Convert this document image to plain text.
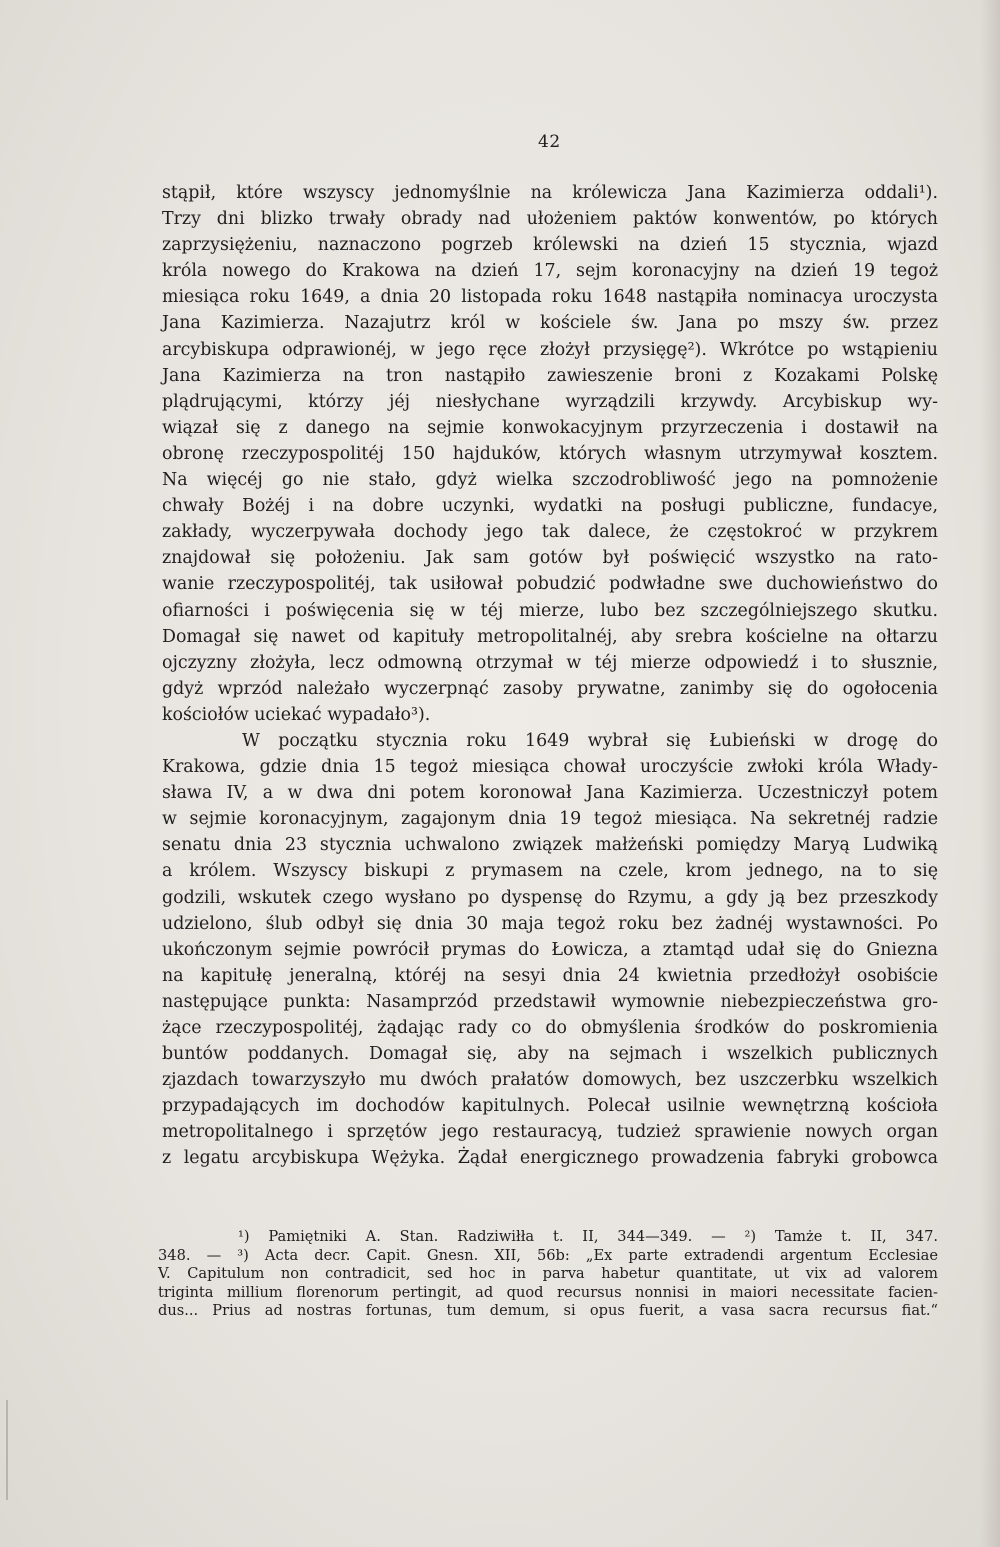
42

stąpił, które wszyscy jednomyślnie na królewicza Jana Kazimierza oddali¹).
Trzy dni blizko trwały obrady nad ułożeniem paktów konwentów, po których
zaprzysiężeniu, naznaczono pogrzeb królewski na dzień 15 stycznia, wjazd
króla nowego do Krakowa na dzień 17, sejm koronacyjny na dzień 19 tegoż
miesiąca roku 1649, a dnia 20 listopada roku 1648 nastąpiła nominacya uroczysta
Jana Kazimierza. Nazajutrz król w kościele św. Jana po mszy św. przez
arcybiskupa odprawionéj, w jego ręce złożył przysięgę²). Wkrótce po wstąpieniu
Jana Kazimierza na tron nastąpiło zawieszenie broni z Kozakami Polskę
plądrującymi, którzy jéj niesłychane wyrządzili krzywdy. Arcybiskup wy-
wiązał się z danego na sejmie konwokacyjnym przyrzeczenia i dostawił na
obronę rzeczypospolitéj 150 hajduków, których własnym utrzymywał kosztem.
Na więcéj go nie stało, gdyż wielka szczodrobliwość jego na pomnożenie
chwały Bożéj i na dobre uczynki, wydatki na posługi publiczne, fundacye,
zakłady, wyczerpywała dochody jego tak dalece, że częstokroć w przykrem
znajdował się położeniu. Jak sam gotów był poświęcić wszystko na rato-
wanie rzeczypospolitéj, tak usiłował pobudzić podwładne swe duchowieństwo do
ofiarności i poświęcenia się w téj mierze, lubo bez szczególniejszego skutku.
Domagał się nawet od kapituły metropolitalnéj, aby srebra kościelne na ołtarzu
ojczyzny złożyła, lecz odmowną otrzymał w téj mierze odpowiedź i to słusznie,
gdyż wprzód należało wyczerpnąć zasoby prywatne, zanimby się do ogołocenia
kościołów uciekać wypadało³).

W początku stycznia roku 1649 wybrał się Łubieński w drogę do
Krakowa, gdzie dnia 15 tegoż miesiąca chował uroczyście zwłoki króla Włady-
sława IV, a w dwa dni potem koronował Jana Kazimierza. Uczestniczył potem
w sejmie koronacyjnym, zagajonym dnia 19 tegoż miesiąca. Na sekretnéj radzie
senatu dnia 23 stycznia uchwalono związek małżeński pomiędzy Maryą Ludwiką
a królem. Wszyscy biskupi z prymasem na czele, krom jednego, na to się
godzili, wskutek czego wysłano po dyspensę do Rzymu, a gdy ją bez przeszkody
udzielono, ślub odbył się dnia 30 maja tegoż roku bez żadnéj wystawności. Po
ukończonym sejmie powrócił prymas do Łowicza, a ztamtąd udał się do Gniezna
na kapitułę jeneralną, któréj na sesyi dnia 24 kwietnia przedłożył osobiście
następujące punkta: Nasamprzód przedstawił wymownie niebezpieczeństwa gro-
żące rzeczypospolitéj, żądając rady co do obmyślenia środków do poskromienia
buntów poddanych. Domagał się, aby na sejmach i wszelkich publicznych
zjazdach towarzyszyło mu dwóch prałatów domowych, bez uszczerbku wszelkich
przypadających im dochodów kapitulnych. Polecał usilnie wewnętrzną kościoła
metropolitalnego i sprzętów jego restauracyą, tudzież sprawienie nowych organ
z legatu arcybiskupa Wężyka. Żądał energicznego prowadzenia fabryki grobowca

¹) Pamiętniki A. Stan. Radziwiłła t. II, 344—349. — ²) Tamże t. II, 347.
348. — ³) Acta decr. Capit. Gnesn. XII, 56b: „Ex parte extradendi argentum Ecclesiae
V. Capitulum non contradicit, sed hoc in parva habetur quantitate, ut vix ad valorem
triginta millium florenorum pertingit, ad quod recursus nonnisi in maiori necessitate facien-
dus... Prius ad nostras fortunas, tum demum, si opus fuerit, a vasa sacra recursus fiat.“
